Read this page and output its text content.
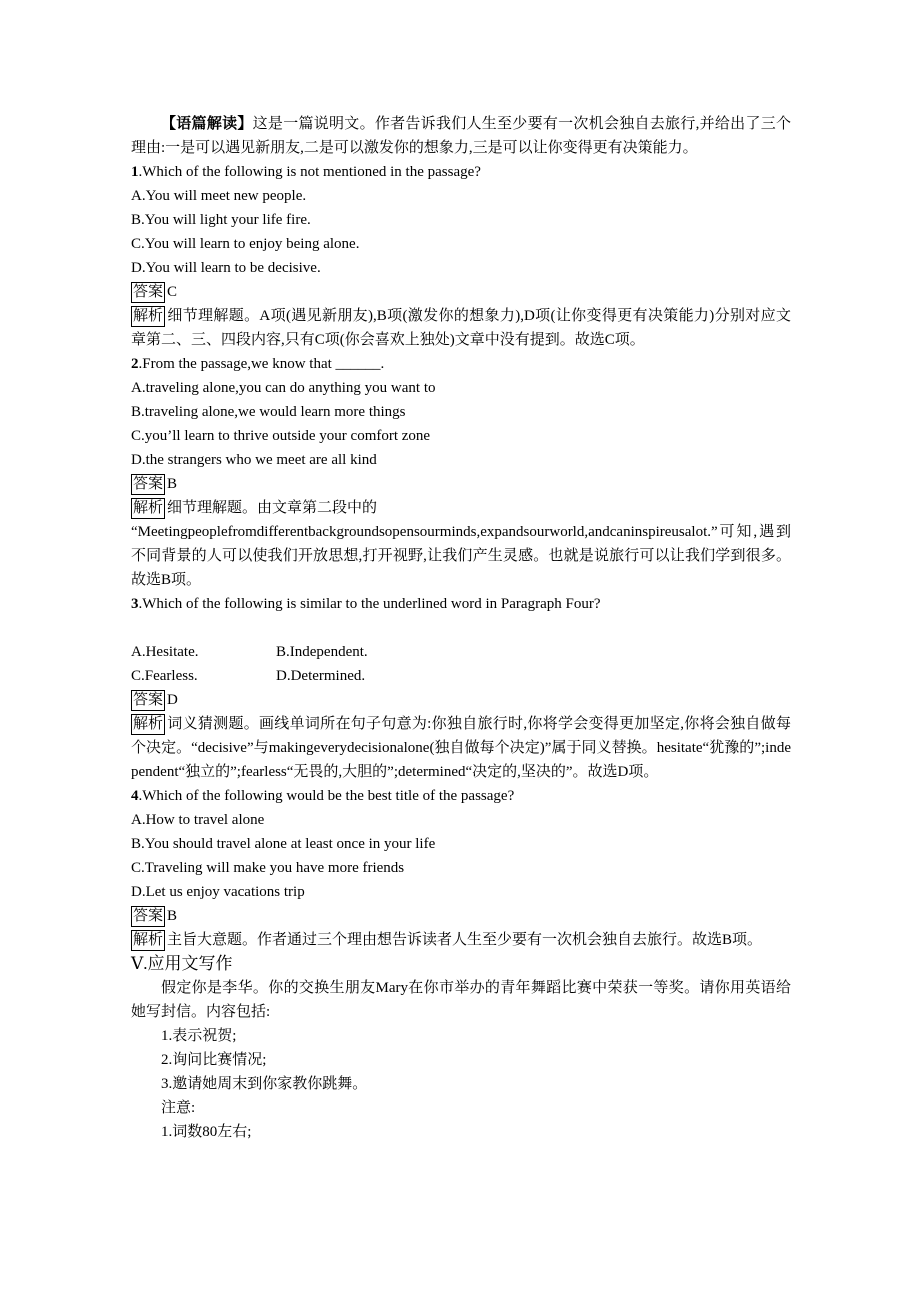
【语篇解读】这是一篇说明文。作者告诉我们人生至少要有一次机会独自去旅行,并给出了三个理由:一是可以遇见新朋友,二是可以激发你的想象力,三是可以让你变得更有决策能力。
1.Which of the following is not mentioned in the passage?
A.You will meet new people.
B.You will light your life fire.
C.You will learn to enjoy being alone.
D.You will learn to be decisive.
答案 C
解析 细节理解题。A项(遇见新朋友),B项(激发你的想象力),D项(让你变得更有决策能力)分别对应文章第二、三、四段内容,只有C项(你会喜欢上独处)文章中没有提到。故选C项。
2.From the passage,we know that ______.
A.traveling alone,you can do anything you want to
B.traveling alone,we would learn more things
C.you’ll learn to thrive outside your comfort zone
D.the strangers who we meet are all kind
答案 B
解析 细节理解题。由文章第二段中的
“Meetingpeoplefromdifferentbackgroundsopensourminds,expandsourworld,andcaninspireusalot.”可知,遇到不同背景的人可以使我们开放思想,打开视野,让我们产生灵感。也就是说旅行可以让我们学到很多。故选B项。
3.Which of the following is similar to the underlined word in Paragraph Four?
A.Hesitate.	B.Independent.
C.Fearless.	D.Determined.
答案 D
解析 词义猜测题。画线单词所在句子句意为:你独自旅行时,你将学会变得更加坚定,你将会独自做每个决定。“decisive”与makingeverydecisionalone(独自做每个决定)”属于同义替换。hesitate“犹豫的”;independent“独立的”;fearless“无畏的,大胆的”;determined“决定的,坚决的”。故选D项。
4.Which of the following would be the best title of the passage?
A.How to travel alone
B.You should travel alone at least once in your life
C.Traveling will make you have more friends
D.Let us enjoy vacations trip
答案 B
解析 主旨大意题。作者通过三个理由想告诉读者人生至少要有一次机会独自去旅行。故选B项。
Ⅴ.应用文写作
假定你是李华。你的交换生朋友Mary在你市举办的青年舞蹈比赛中荣获一等奖。请你用英语给她写封信。内容包括:
1.表示祝贺;
2.询问比赛情况;
3.邀请她周末到你家教你跳舞。
注意:
1.词数80左右;
